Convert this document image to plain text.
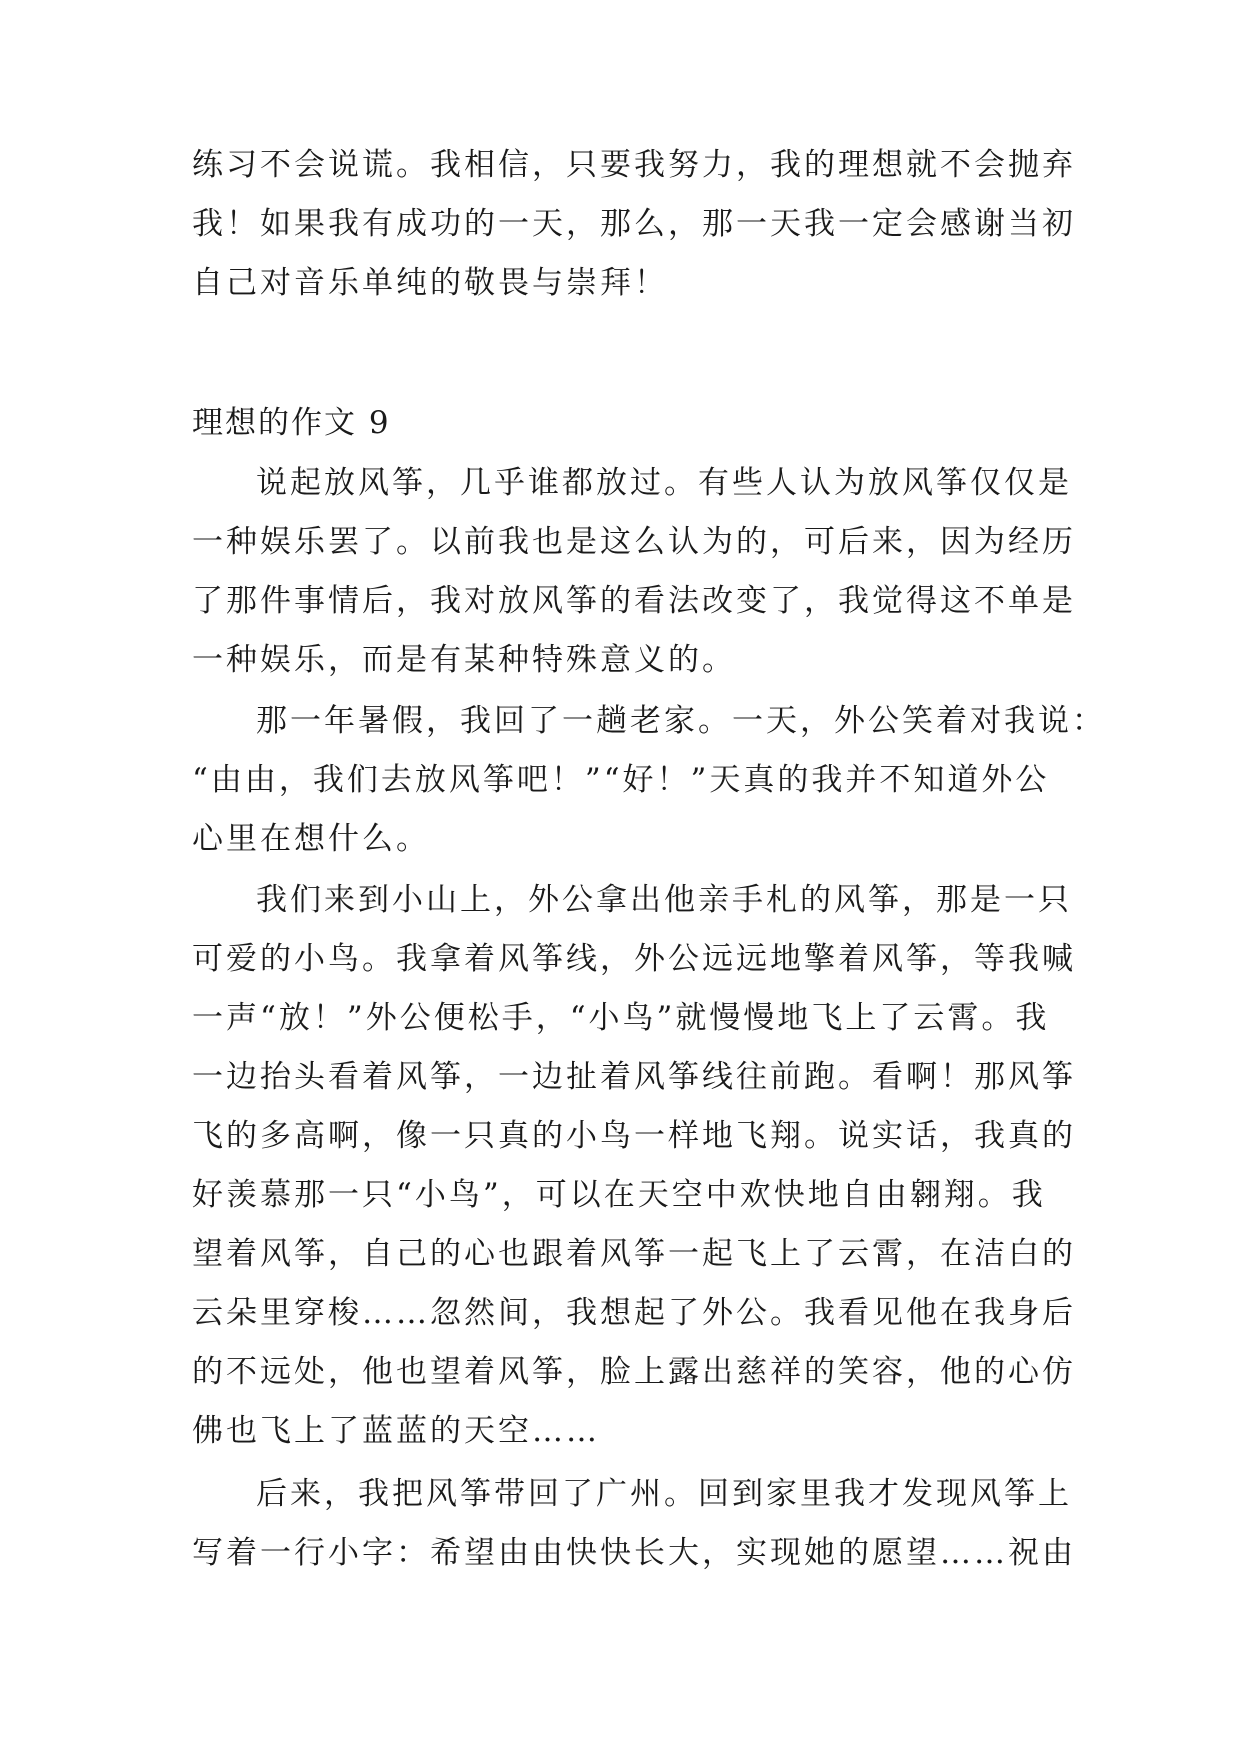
练习不会说谎。我相信，只要我努力，我的理想就不会抛弃
我！如果我有成功的一天，那么，那一天我一定会感谢当初
自己对音乐单纯的敬畏与崇拜！
理想的作文 9
说起放风筝，几乎谁都放过。有些人认为放风筝仅仅是
一种娱乐罢了。以前我也是这么认为的，可后来，因为经历
了那件事情后，我对放风筝的看法改变了，我觉得这不单是
一种娱乐，而是有某种特殊意义的。
那一年暑假，我回了一趟老家。一天，外公笑着对我说：
“由由，我们去放风筝吧！”“好！”天真的我并不知道外公
心里在想什么。
我们来到小山上，外公拿出他亲手札的风筝，那是一只
可爱的小鸟。我拿着风筝线，外公远远地擎着风筝，等我喊
一声“放！”外公便松手，“小鸟”就慢慢地飞上了云霄。我
一边抬头看着风筝，一边扯着风筝线往前跑。看啊！那风筝
飞的多高啊，像一只真的小鸟一样地飞翔。说实话，我真的
好羡慕那一只“小鸟”，可以在天空中欢快地自由翱翔。我
望着风筝，自己的心也跟着风筝一起飞上了云霄，在洁白的
云朵里穿梭……忽然间，我想起了外公。我看见他在我身后
的不远处，他也望着风筝，脸上露出慈祥的笑容，他的心仿
佛也飞上了蓝蓝的天空……
后来，我把风筝带回了广州。回到家里我才发现风筝上
写着一行小字：希望由由快快长大，实现她的愿望……祝由
